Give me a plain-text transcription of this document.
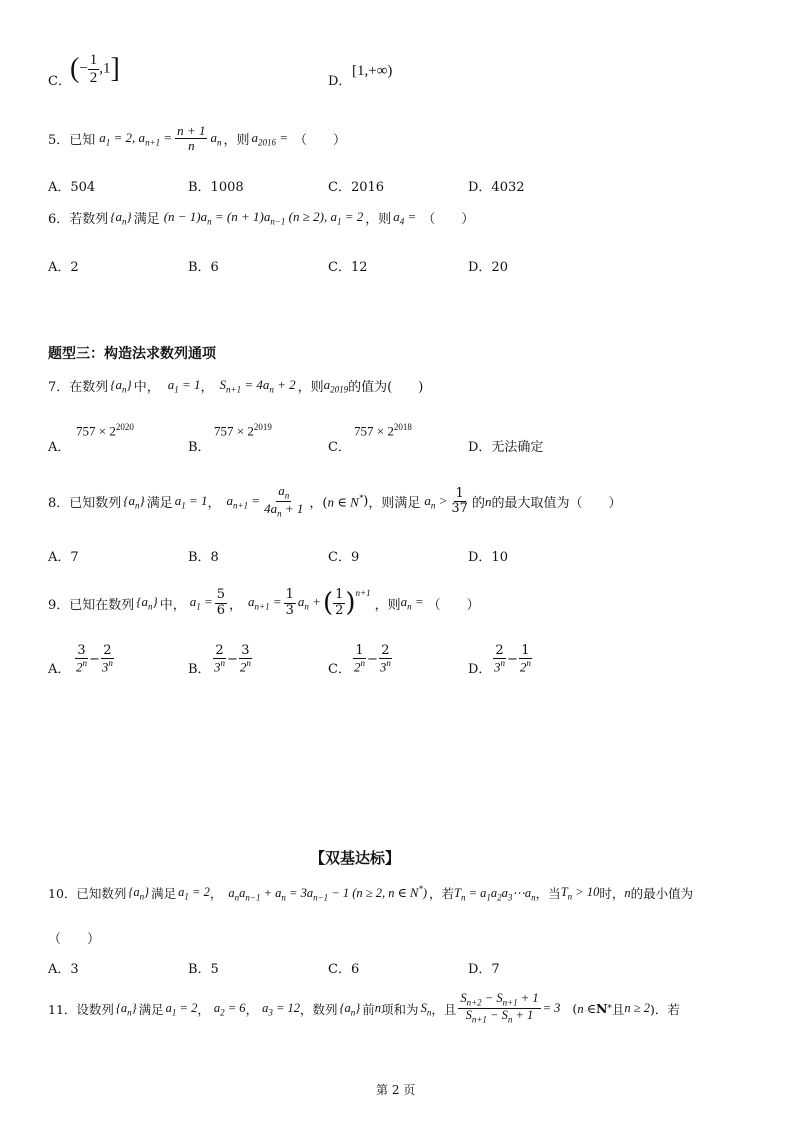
C． (− $\frac{1}{2} ,1$]	D．
[1,+∞)
5．已知 $a_1 = 2$, $a_{n+1} = \frac{n + 1}{n} a_n$ ，则 $a_{2016}$ = （　　）
A．504	B．1008	C．2016	D．4032
6．若数列 $\{a_n\}$ 满足 $(n - 1)a_n = (n + 1)a_{n-1}$ (n ≥ 2), $a_1 = 2$ ，则 $a_4$ = （　　）
A．2	B．6	C．12	D．20
题型三：构造法求数列通项
7．在数列 $\{a_n\}$ 中， $a_1 = 1$ ， $S_{n+1} = 4a_n + 2$ ，则 $a_{2019}$ 的值为(　　)
A．
$757 \times 2^{2020}$
B．
$757 \times 2^{2019}$
C．
$757 \times 2^{2018}$
D．无法确定
8．已知数列 $\{a_n\}$ 满足 $a_1 = 1$ ， $a_{n+1} = \frac{a_n}{4a_n + 1}$ ，( n ∈ N* ) ，则满足 $a_n > \frac{1}{37}$ 的 n 的最大取值为（　　）
A．7	B．8	C．9	D．10
9．已知在数列 $\{a_n\}$ 中， $a_1 = \frac{5}{6}$ ， $a_{n+1} = \frac{1}{3} a_n$ + ( $\frac{1}{2}$ ) n+1
，则 $a_n$ = （　　）
A． $\frac{3}{2^n} - \frac{2}{3^n}$	B． $\frac{2}{3^n} - \frac{3}{2^n}$	C． $\frac{1}{2^n} - \frac{2}{3^n}$	D． $\frac{2}{3^n} - \frac{1}{2^n}$
【双基达标】
10．已知数列 $\{a_n\}$ 满足 $a_1 = 2$ ， $a_na_{n-1} + a_n = 3a_{n-1} - 1$ (n ≥ 2, n ∈ N*) ，若 $T_n$ = $a_1a_2a_3\cdots a_n$ ，当 $T_n > 10$ 时， n 的最小值为
（　　）
A．3	B．5	C．6	D．7
11．设数列 $\{a_n\}$ 满足 $a_1 = 2$ ， $a_2 = 6$ ， $a_3 = 12$ ，数列 $\{a_n\}$ 前 n 项和为 $S_n$ ，且 $\frac{S_{n+2} - S_{n+1} + 1}{S_{n+1} - S_n + 1} = 3$ ( n ∈ N * 且 n ≥ 2 )．若
第 2 页
